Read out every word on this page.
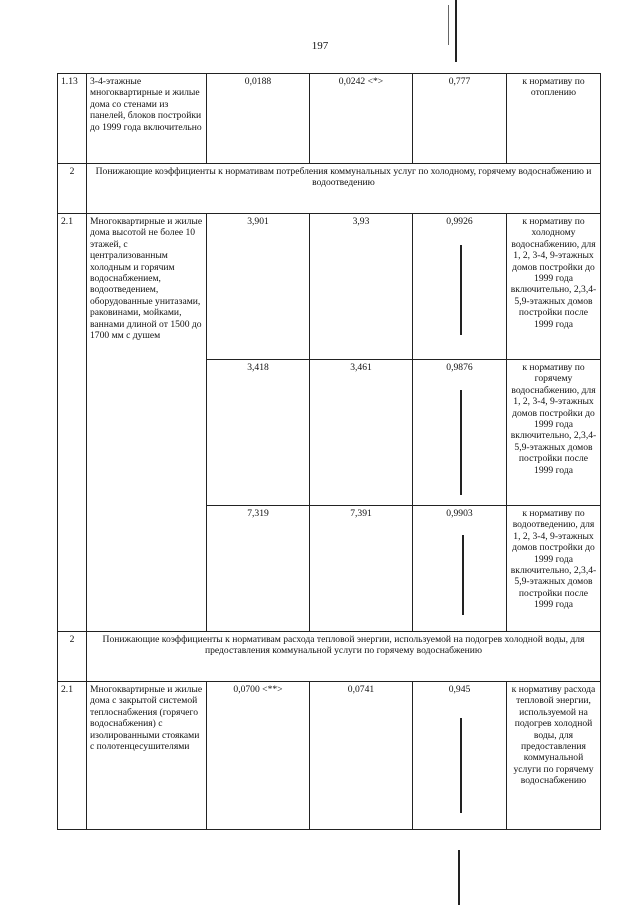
197
1.13	3-4-этажные многоквартирные и жилые дома со стенами из панелей, блоков постройки до 1999 года включительно	0,0188	0,0242 <*>	0,777	к нормативу по отоплению
2	Понижающие коэффициенты к нормативам потребления коммунальных услуг по холодному, горячему водоснабжению и водоотведению				
2.1	Многоквартирные и жилые дома высотой не более 10 этажей, с централизованным холодным и горячим водоснабжением, водоотведением, оборудованные унитазами, раковинами, мойками, ваннами длиной от 1500 до 1700 мм с душем	3,901	3,93	0,9926	к нормативу по холодному водоснабжению, для 1, 2, 3-4, 9-этажных домов постройки до 1999 года включительно, 2,3,4-5,9-этажных домов постройки после 1999 года
		3,418	3,461	0,9876	к нормативу по горячему водоснабжению, для 1, 2, 3-4, 9-этажных домов постройки до 1999 года включительно, 2,3,4-5,9-этажных домов постройки после 1999 года
		7,319	7,391	0,9903	к нормативу по водоотведению, для 1, 2, 3-4, 9-этажных домов постройки до 1999 года включительно, 2,3,4-5,9-этажных домов постройки после 1999 года
2	Понижающие коэффициенты к нормативам расхода тепловой энергии, используемой на подогрев холодной воды, для предоставления коммунальной услуги по горячему водоснабжению				
2.1	Многоквартирные и жилые дома с закрытой системой теплоснабжения (горячего водоснабжения) с изолированными стояками с полотенцесушителями	0,0700 <**>	0,0741	0,945	к нормативу расхода тепловой энергии, используемой на подогрев холодной воды, для предоставления коммунальной услуги по горячему водоснабжению
